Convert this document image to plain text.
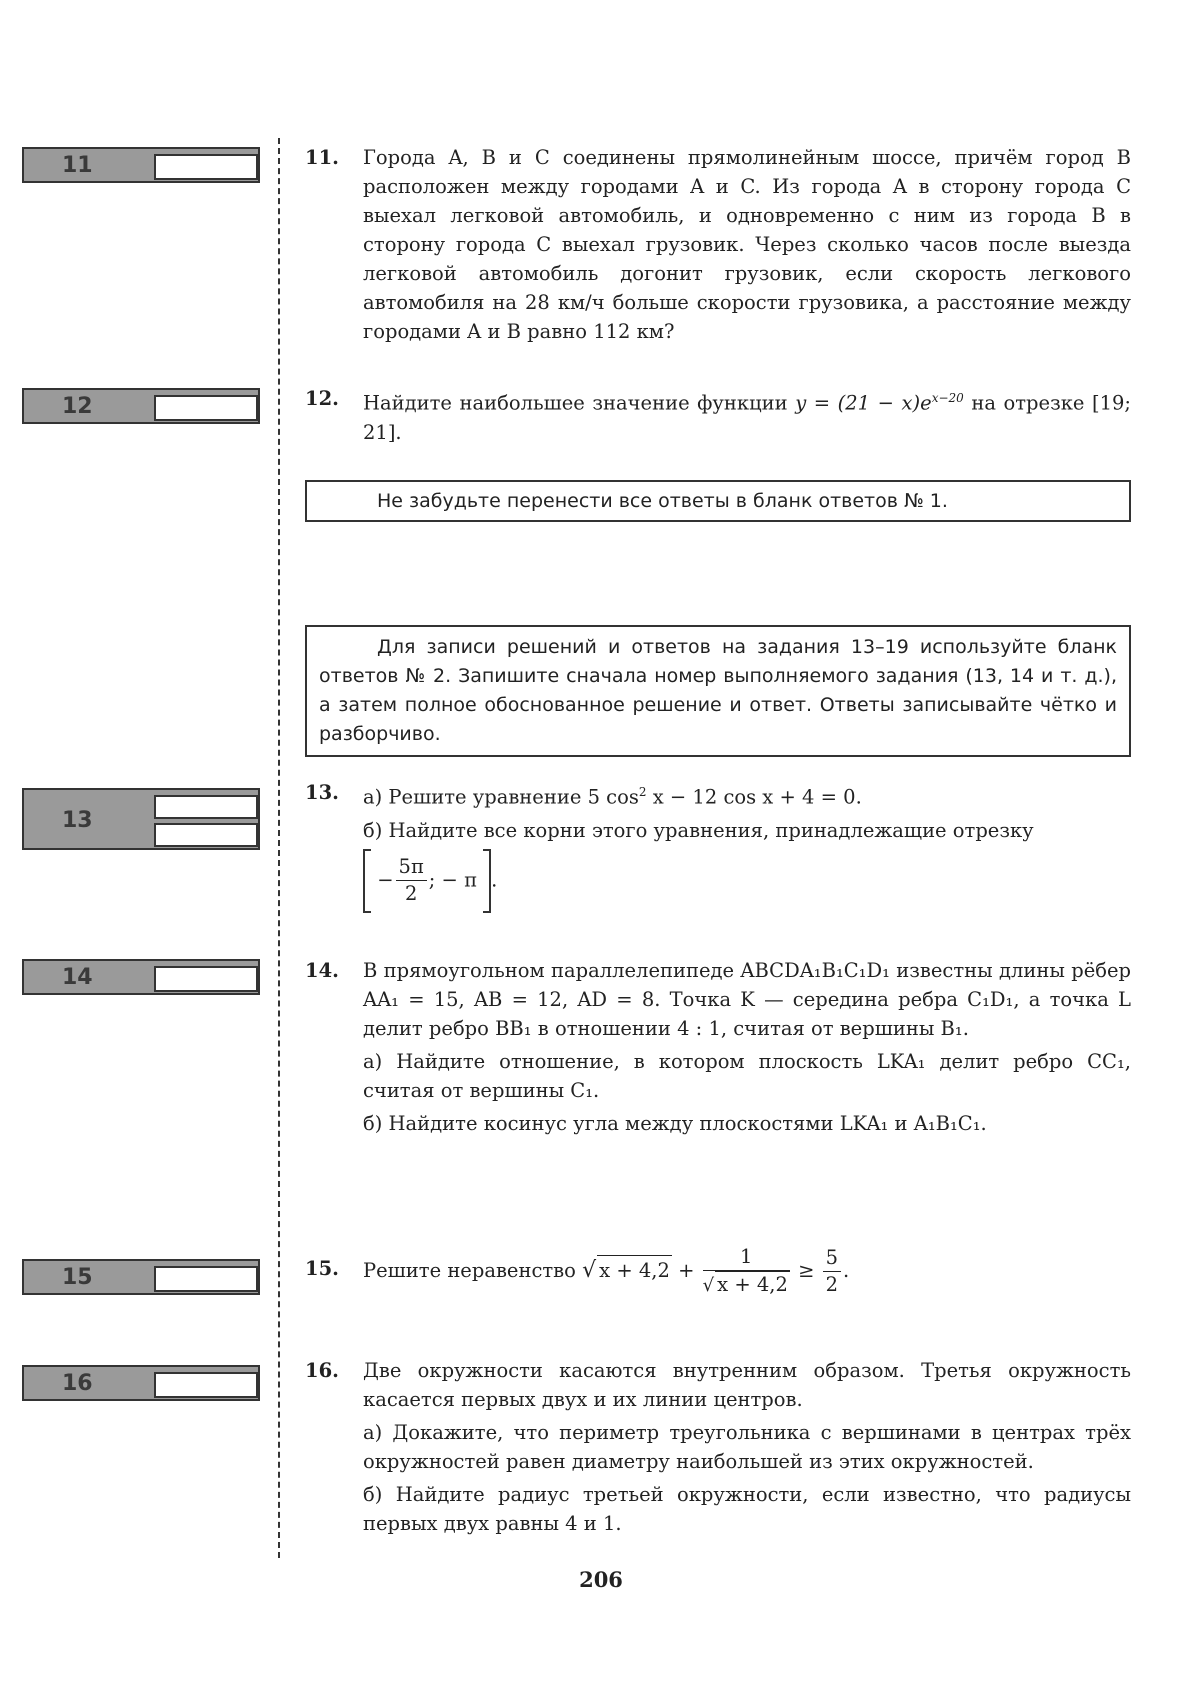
11
12
13
14
15
16
11. Города A, B и C соединены прямолинейным шоссе, причём город B расположен между городами A и C. Из города A в сторону города C выехал легковой автомобиль, и одновременно с ним из города B в сторону города C выехал грузовик. Через сколько часов после выезда легковой автомобиль догонит грузовик, если скорость легкового автомобиля на 28 км/ч больше скорости грузовика, а расстояние между городами A и B равно 112 км?

12. Найдите наибольшее значение функции $y = (21 - x)e^{x-20}$ на отрезке [19; 21].

Не забудьте перенести все ответы в бланк ответов № 1.
Для записи решений и ответов на задания 13–19 используйте бланк ответов № 2. Запишите сначала номер выполняемого задания (13, 14 и т. д.), а затем полное обоснованное решение и ответ. Ответы записывайте чётко и разборчиво.
13. а) Решите уравнение 5 $\cos^2 x - 12$ cos x + 4 = 0.

б) Найдите все корни этого уравнения, принадлежащие отрезку

− $\frac{5\pi}{2}$ ; − π .
14. В прямоугольном параллелепипеде ABCDA₁B₁C₁D₁ известны длины рёбер AA₁ = 15, AB = 12, AD = 8. Точка K — середина ребра C₁D₁, а точка L делит ребро BB₁ в отношении 4 : 1, считая от вершины B₁.

а) Найдите отношение, в котором плоскость LKA₁ делит ребро CC₁, считая от вершины C₁.

б) Найдите косинус угла между плоскостями LKA₁ и A₁B₁C₁.

15. Решите неравенство √ $x + 4,2 + \frac{1}{√ x + 4,2} \ge \frac{5}{2}$ .
16. Две окружности касаются внутренним образом. Третья окружность касается первых двух и их линии центров.

а) Докажите, что периметр треугольника с вершинами в центрах трёх окружностей равен диаметру наибольшей из этих окружностей.

б) Найдите радиус третьей окружности, если известно, что радиусы первых двух равны 4 и 1.

206
